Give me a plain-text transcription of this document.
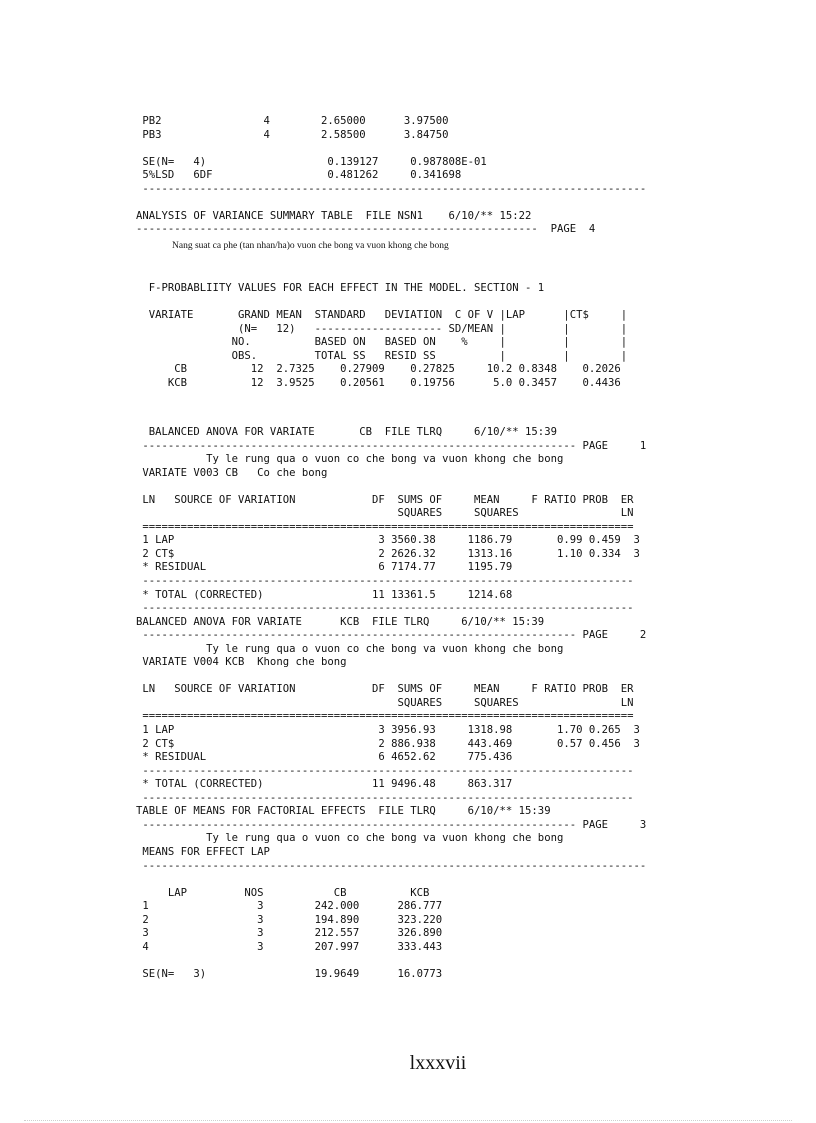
PB2                4        2.65000      3.97500
PB3                4        2.58500      3.84750

SE(N=   4)                   0.139127     0.987808E-01
5%LSD   6DF                  0.481262     0.341698
-------------------------------------------------------------------------------

ANALYSIS OF VARIANCE SUMMARY TABLE  FILE NSN1    6/10/** 15:22
---------------------------------------------------------------  PAGE  4
Nang suat ca phe (tan nhan/ha)o vuon che bong va vuon khong che bong
F-PROBABLIITY VALUES FOR EACH EFFECT IN THE MODEL. SECTION - 1

VARIATE       GRAND MEAN  STANDARD   DEVIATION  C OF V |LAP      |CT$     |
(N=   12)   -------------------- SD/MEAN |         |        |
NO.          BASED ON   BASED ON    %     |         |        |
OBS.         TOTAL SS   RESID SS          |         |        |
CB          12  2.7325    0.27909    0.27825     10.2 0.8348    0.2026
KCB          12  3.9525    0.20561    0.19756      5.0 0.3457    0.4436
BALANCED ANOVA FOR VARIATE       CB  FILE TLRQ     6/10/** 15:39
-------------------------------------------------------------------- PAGE     1
Ty le rung qua o vuon co che bong va vuon khong che bong
VARIATE V003 CB   Co che bong

LN   SOURCE OF VARIATION            DF  SUMS OF     MEAN     F RATIO PROB  ER
SQUARES     SQUARES                LN
=============================================================================
1 LAP                                3 3560.38     1186.79       0.99 0.459  3
2 CT$                                2 2626.32     1313.16       1.10 0.334  3
* RESIDUAL                           6 7174.77     1195.79
-----------------------------------------------------------------------------
* TOTAL (CORRECTED)                 11 13361.5     1214.68
-----------------------------------------------------------------------------
BALANCED ANOVA FOR VARIATE      KCB  FILE TLRQ     6/10/** 15:39
-------------------------------------------------------------------- PAGE     2
Ty le rung qua o vuon co che bong va vuon khong che bong
VARIATE V004 KCB  Khong che bong

LN   SOURCE OF VARIATION            DF  SUMS OF     MEAN     F RATIO PROB  ER
SQUARES     SQUARES                LN
=============================================================================
1 LAP                                3 3956.93     1318.98       1.70 0.265  3
2 CT$                                2 886.938     443.469       0.57 0.456  3
* RESIDUAL                           6 4652.62     775.436
-----------------------------------------------------------------------------
* TOTAL (CORRECTED)                 11 9496.48     863.317
-----------------------------------------------------------------------------
TABLE OF MEANS FOR FACTORIAL EFFECTS  FILE TLRQ     6/10/** 15:39
-------------------------------------------------------------------- PAGE     3
Ty le rung qua o vuon co che bong va vuon khong che bong
MEANS FOR EFFECT LAP
-------------------------------------------------------------------------------

LAP         NOS           CB          KCB
1                 3        242.000      286.777
2                 3        194.890      323.220
3                 3        212.557      326.890
4                 3        207.997      333.443

SE(N=   3)                 19.9649      16.0773
lxxxvii
